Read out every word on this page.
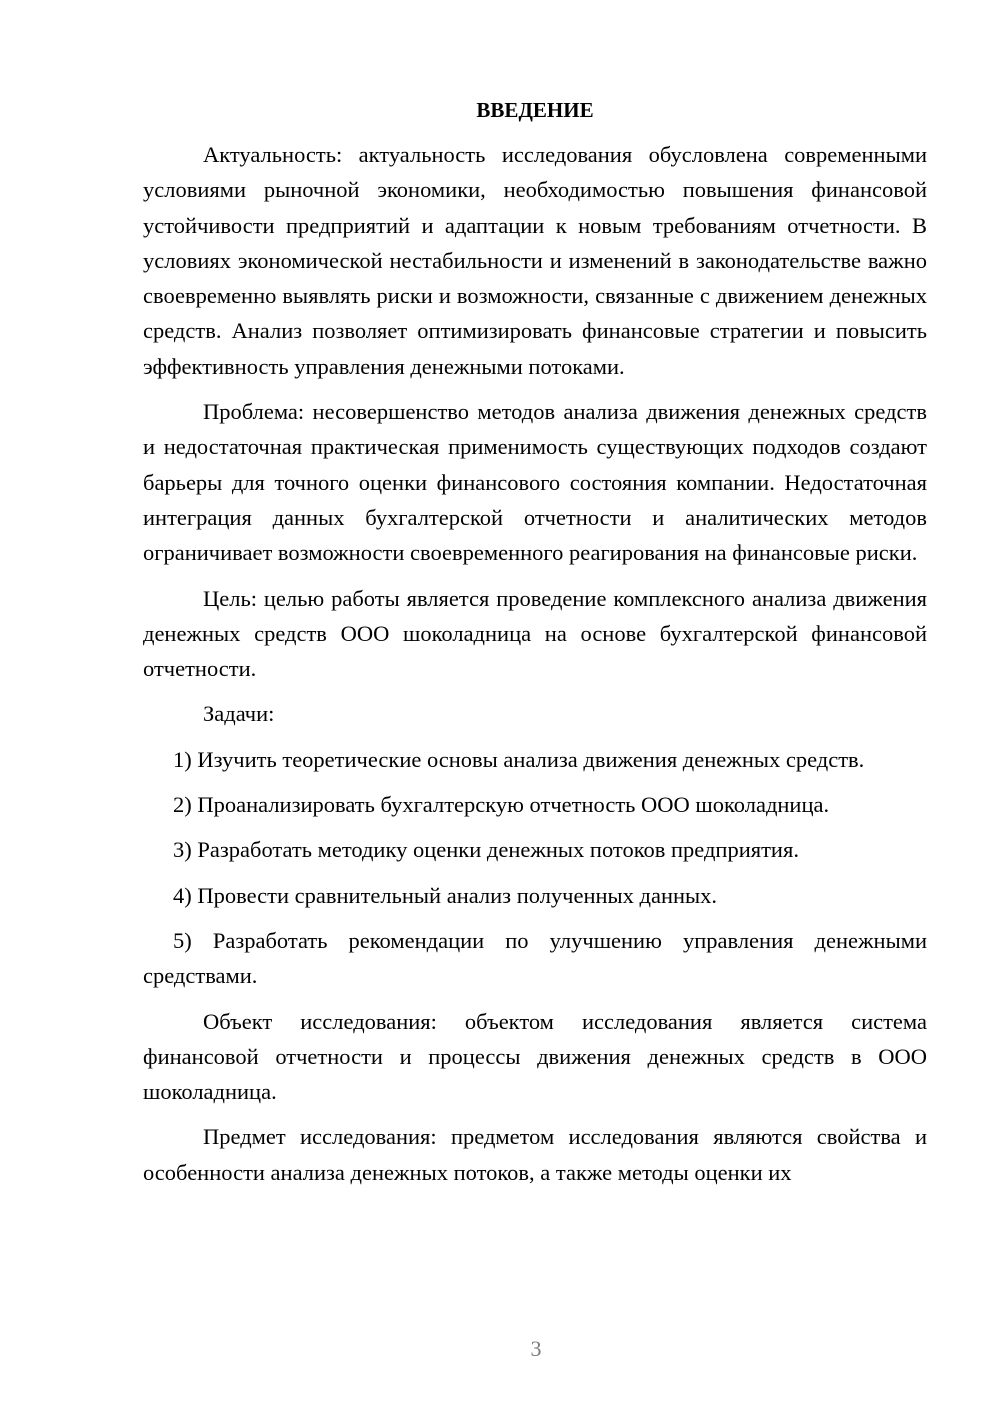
ВВЕДЕНИЕ

Актуальность: актуальность исследования обусловлена современными условиями рыночной экономики, необходимостью повышения финансовой устойчивости предприятий и адаптации к новым требованиям отчетности. В условиях экономической нестабильности и изменений в законодательстве важно своевременно выявлять риски и возможности, связанные с движением денежных средств. Анализ позволяет оптимизировать финансовые стратегии и повысить эффективность управления денежными потоками.

Проблема: несовершенство методов анализа движения денежных средств и недостаточная практическая применимость существующих подходов создают барьеры для точного оценки финансового состояния компании. Недостаточная интеграция данных бухгалтерской отчетности и аналитических методов ограничивает возможности своевременного реагирования на финансовые риски.

Цель: целью работы является проведение комплексного анализа движения денежных средств ООО шоколадница на основе бухгалтерской финансовой отчетности.

Задачи:

1) Изучить теоретические основы анализа движения денежных средств.

2) Проанализировать бухгалтерскую отчетность ООО шоколадница.

3) Разработать методику оценки денежных потоков предприятия.

4) Провести сравнительный анализ полученных данных.

5) Разработать рекомендации по улучшению управления денежными средствами.

Объект исследования: объектом исследования является система финансовой отчетности и процессы движения денежных средств в ООО шоколадница.

Предмет исследования: предметом исследования являются свойства и особенности анализа денежных потоков, а также методы оценки их

3
